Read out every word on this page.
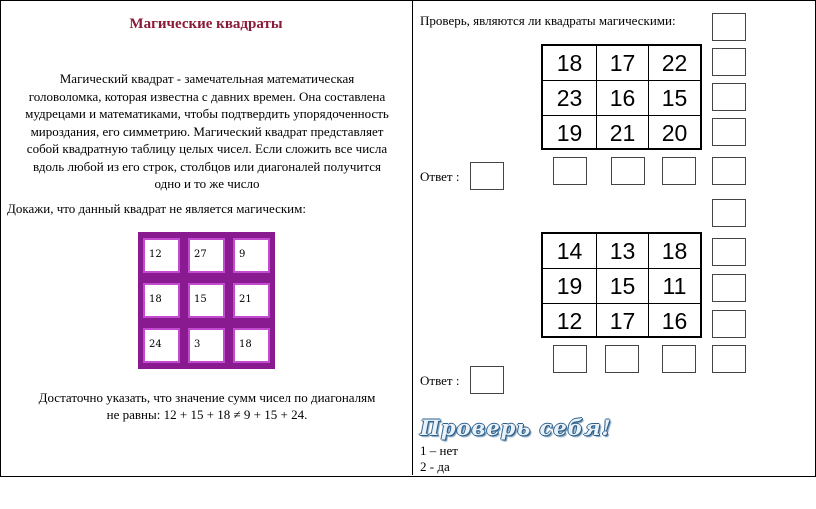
Магические квадраты
Магический квадрат - замечательная математическая
головоломка, которая известна с давних времен. Она составлена
мудрецами и математиками, чтобы подтвердить упорядоченность
мироздания, его симметрию. Магический квадрат представляет
собой квадратную таблицу целых чисел. Если сложить все числа
вдоль любой из его строк, столбцов или диагоналей получится
одно и то же число
Докажи, что данный квадрат не является магическим:
12	27	9
18	15	21
24	3	18
Достаточно указать, что значение сумм чисел по диагоналям
не равны: 12 + 15 + 18 ≠ 9 + 15 + 24.
Проверь, являются ли квадраты магическими:
18	17	22
23	16	15
19	21	20
Ответ :
14	13	18
19	15	11
12	17	16
Ответ :
Проверь себя!
1 – нет
2 - да
